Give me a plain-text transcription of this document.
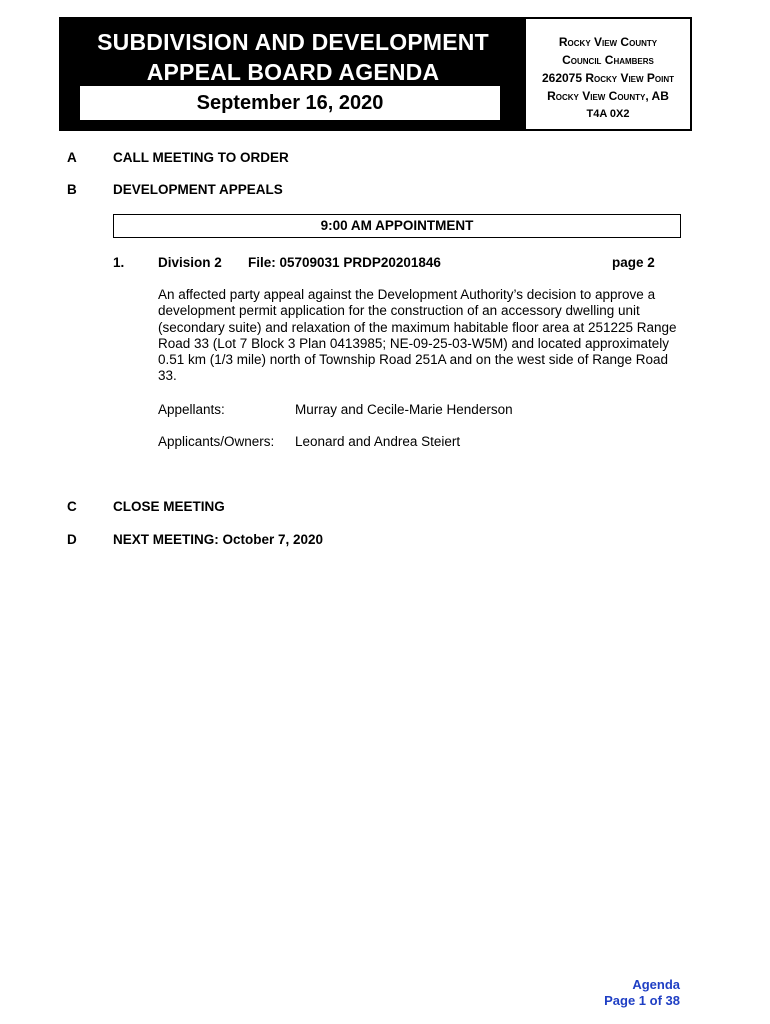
SUBDIVISION AND DEVELOPMENT
APPEAL BOARD AGENDA
September 16, 2020
Rocky View County
Council Chambers
262075 Rocky View Point
Rocky View County, AB
T4A 0X2
A	CALL MEETING TO ORDER
B	DEVELOPMENT APPEALS
9:00 AM APPOINTMENT
1. Division 2 File: 05709031 PRDP20201846	page 2
An affected party appeal against the Development Authority’s decision to approve a development permit application for the construction of an accessory dwelling unit (secondary suite) and relaxation of the maximum habitable floor area at 251225 Range Road 33 (Lot 7 Block 3 Plan 0413985; NE-09-25-03-W5M) and located approximately 0.51 km (1/3 mile) north of Township Road 251A and on the west side of Range Road 33.
Appellants:	Murray and Cecile-Marie Henderson
Applicants/Owners: Leonard and Andrea Steiert
C	CLOSE MEETING
D	NEXT MEETING: October 7, 2020
Agenda
Page 1 of 38
